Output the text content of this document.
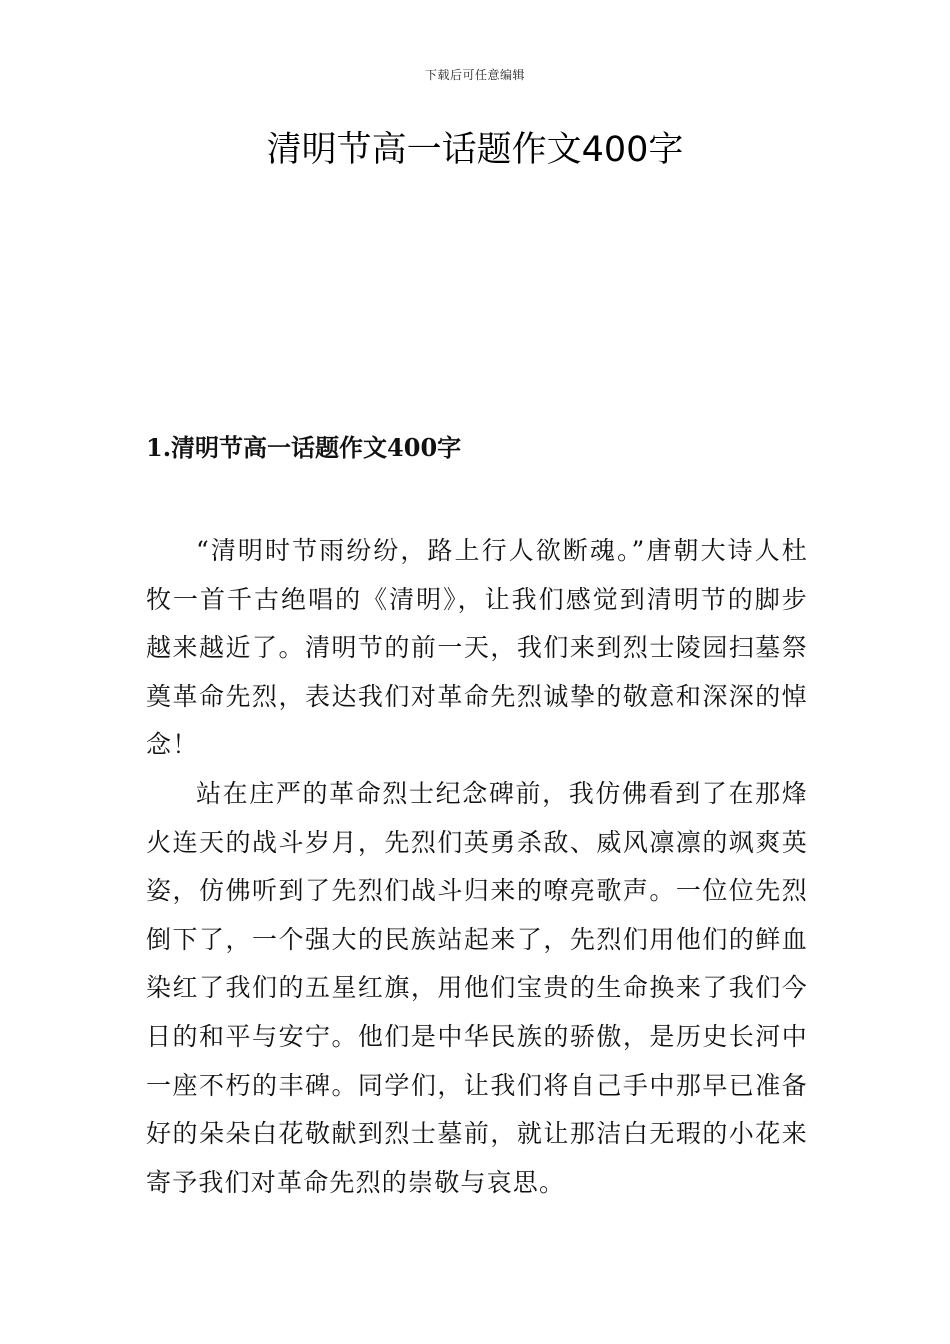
下载后可任意编辑
清明节高一话题作文400字
1.清明节高一话题作文400字

“清明时节雨纷纷，路上行人欲断魂。”唐朝大诗人杜牧一首千古绝唱的《清明》，让我们感觉到清明节的脚步越来越近了。清明节的前一天，我们来到烈士陵园扫墓祭奠革命先烈，表达我们对革命先烈诚挚的敬意和深深的悼念！

站在庄严的革命烈士纪念碑前，我仿佛看到了在那烽火连天的战斗岁月，先烈们英勇杀敌、威风凛凛的飒爽英姿，仿佛听到了先烈们战斗归来的嘹亮歌声。一位位先烈倒下了，一个强大的民族站起来了，先烈们用他们的鲜血染红了我们的五星红旗，用他们宝贵的生命换来了我们今日的和平与安宁。他们是中华民族的骄傲，是历史长河中一座不朽的丰碑。同学们，让我们将自己手中那早已准备好的朵朵白花敬献到烈士墓前，就让那洁白无瑕的小花来寄予我们对革命先烈的崇敬与哀思。
